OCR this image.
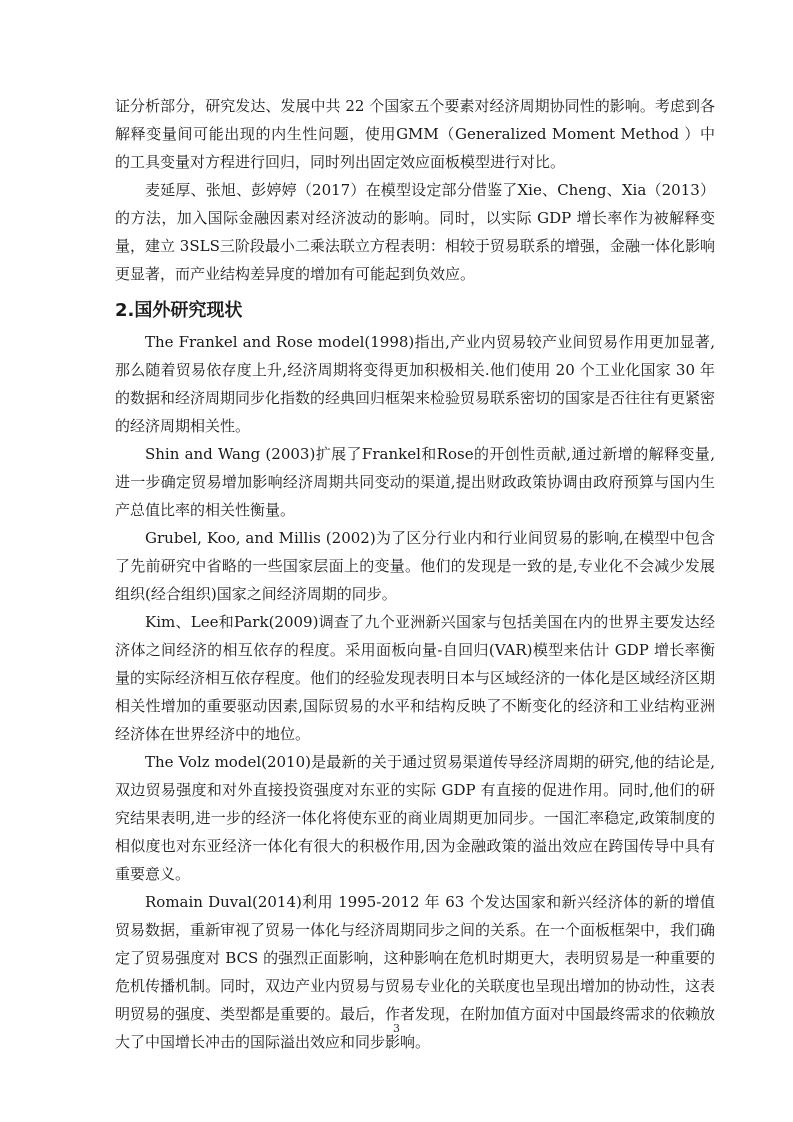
证分析部分，研究发达、发展中共 22 个国家五个要素对经济周期协同性的影响。考虑到各解释变量间可能出现的内生性问题，使用GMM（Generalized Moment Method ）中的工具变量对方程进行回归，同时列出固定效应面板模型进行对比。

麦延厚、张旭、彭婷婷（2017）在模型设定部分借鉴了Xie、Cheng、Xia（2013）的方法，加入国际金融因素对经济波动的影响。同时，以实际 GDP 增长率作为被解释变量，建立 3SLS三阶段最小二乘法联立方程表明：相较于贸易联系的增强，金融一体化影响更显著，而产业结构差异度的增加有可能起到负效应。

2.国外研究现状

The Frankel and Rose model(1998)指出,产业内贸易较产业间贸易作用更加显著,那么随着贸易依存度上升,经济周期将变得更加积极相关.他们使用 20 个工业化国家 30 年的数据和经济周期同步化指数的经典回归框架来检验贸易联系密切的国家是否往往有更紧密的经济周期相关性。

Shin and Wang (2003)扩展了Frankel和Rose的开创性贡献,通过新增的解释变量,进一步确定贸易增加影响经济周期共同变动的渠道,提出财政政策协调由政府预算与国内生产总值比率的相关性衡量。

Grubel, Koo, and Millis (2002)为了区分行业内和行业间贸易的影响,在模型中包含了先前研究中省略的一些国家层面上的变量。他们的发现是一致的是,专业化不会减少发展组织(经合组织)国家之间经济周期的同步。

Kim、Lee和Park(2009)调查了九个亚洲新兴国家与包括美国在内的世界主要发达经济体之间经济的相互依存的程度。采用面板向量-自回归(VAR)模型来估计 GDP 增长率衡量的实际经济相互依存程度。他们的经验发现表明日本与区域经济的一体化是区域经济区期相关性增加的重要驱动因素,国际贸易的水平和结构反映了不断变化的经济和工业结构亚洲经济体在世界经济中的地位。

The Volz model(2010)是最新的关于通过贸易渠道传导经济周期的研究,他的结论是,双边贸易强度和对外直接投资强度对东亚的实际 GDP 有直接的促进作用。同时,他们的研究结果表明,进一步的经济一体化将使东亚的商业周期更加同步。一国汇率稳定,政策制度的相似度也对东亚经济一体化有很大的积极作用,因为金融政策的溢出效应在跨国传导中具有重要意义。

Romain Duval(2014)利用 1995-2012 年 63 个发达国家和新兴经济体的新的增值贸易数据，重新审视了贸易一体化与经济周期同步之间的关系。在一个面板框架中，我们确定了贸易强度对 BCS 的强烈正面影响，这种影响在危机时期更大，表明贸易是一种重要的危机传播机制。同时，双边产业内贸易与贸易专业化的关联度也呈现出增加的协动性，这表明贸易的强度、类型都是重要的。最后，作者发现，在附加值方面对中国最终需求的依赖放大了中国增长冲击的国际溢出效应和同步影响。

3
